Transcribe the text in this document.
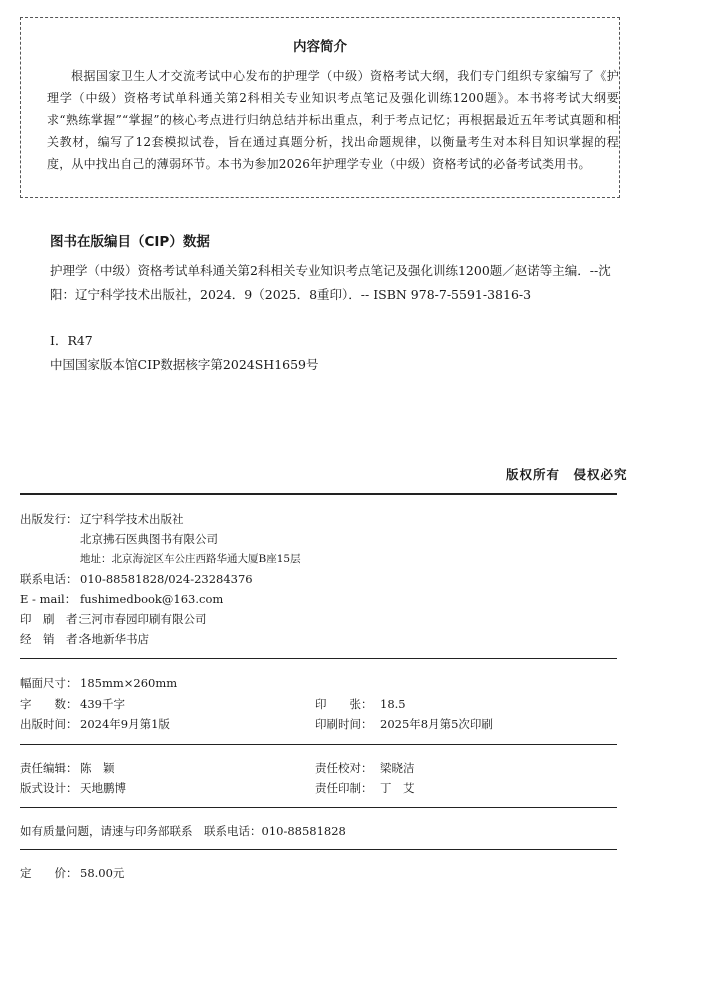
内容简介
根据国家卫生人才交流考试中心发布的护理学（中级）资格考试大纲，我们专门组织专家编写了《护理学（中级）资格考试单科通关第2科相关专业知识考点笔记及强化训练1200题》。本书将考试大纲要求“熟练掌握”“掌握”的核心考点进行归纳总结并标出重点，利于考点记忆；再根据最近五年考试真题和相关教材，编写了12套模拟试卷，旨在通过真题分析，找出命题规律，以衡量考生对本科目知识掌握的程度，从中找出自己的薄弱环节。本书为参加2026年护理学专业（中级）资格考试的必备考试类用书。
图书在版编目（CIP）数据
护理学（中级）资格考试单科通关第2科相关专业知识考点笔记及强化训练1200题／赵诺等主编．--沈阳：辽宁科学技术出版社，2024．9（2025．8重印）．-- ISBN 978-7-5591-3816-3
Ⅰ．R47
中国国家版本馆CIP数据核字第2024SH1659号
版权所有　侵权必究
出版发行： 辽宁科学技术出版社
北京拂石医典图书有限公司
地址：北京海淀区车公庄西路华通大厦B座15层
联系电话： 010-88581828/024-23284376
E - mail： fushimedbook@163.com
印　刷　者：三河市春园印刷有限公司
经　销　者：各地新华书店
幅面尺寸： 185mm×260mm
字　　数： 439千字	印　　张： 18.5
出版时间： 2024年9月第1版	印刷时间： 2025年8月第5次印刷
责任编辑： 陈　颖	责任校对： 梁晓洁
版式设计： 天地鹏博	责任印制： 丁　艾
如有质量问题，请速与印务部联系　联系电话：010-88581828
定　　价： 58.00元
